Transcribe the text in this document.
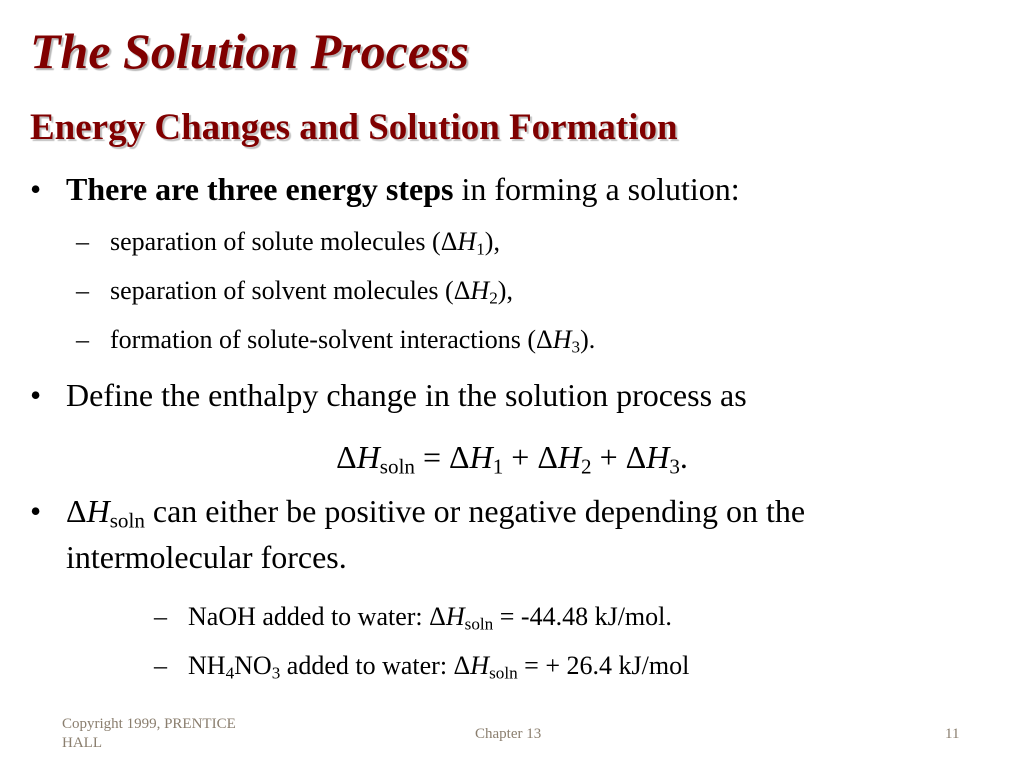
The Solution Process
Energy Changes and Solution Formation
• There are three energy steps in forming a solution:
– separation of solute molecules $(\Delta H_1)$,
– separation of solvent molecules $(\Delta H_2)$,
– formation of solute-solvent interactions $(\Delta H_3)$.
• Define the enthalpy change in the solution process as
$\Delta H_{soln} = \Delta H_1 + \Delta H_2 + \Delta H_3$.
• $\Delta H_{soln}$ can either be positive or negative depending on the
intermolecular forces.
– NaOH added to water: $\Delta H_{soln} = -44.48$ kJ/mol.
– $NH_4NO_3$ added to water: $\Delta H_{soln}$ = + 26.4 kJ/mol
Copyright 1999, PRENTICE
HALL
Chapter 13	11
